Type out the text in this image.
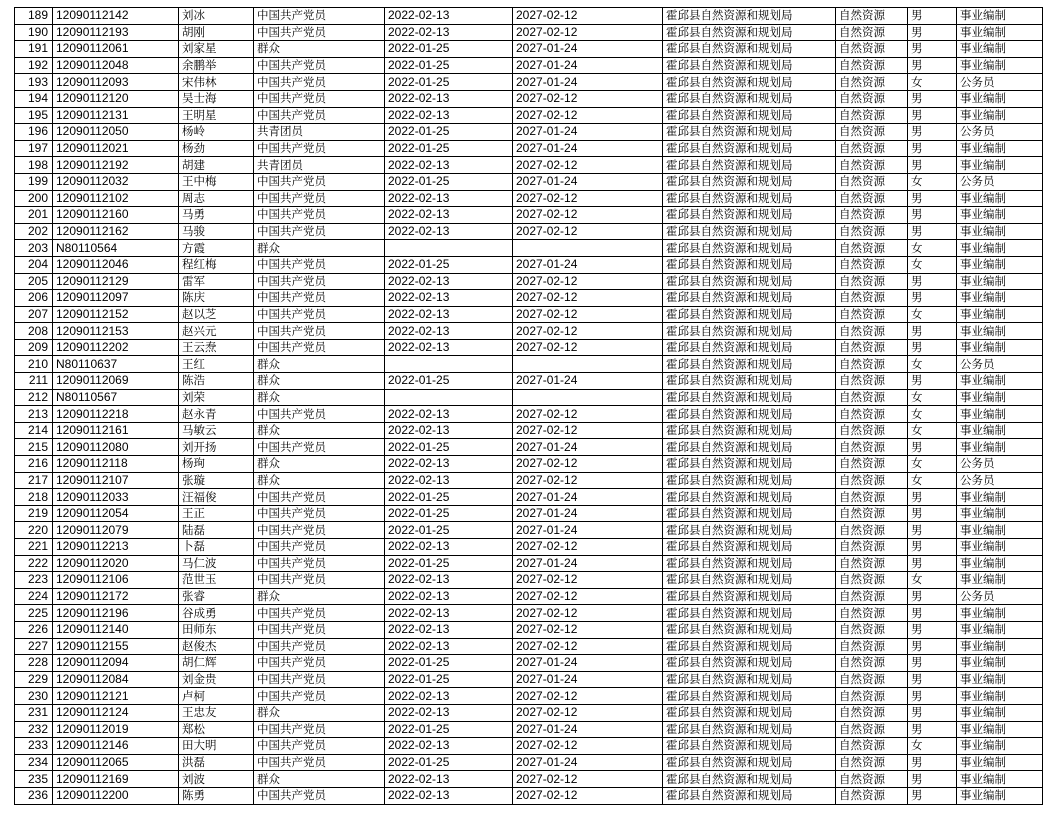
189	12090112142	刘冰	中国共产党员	2022-02-13	2027-02-12	霍邱县自然资源和规划局	自然资源	男	事业编制
190	12090112193	胡刚	中国共产党员	2022-02-13	2027-02-12	霍邱县自然资源和规划局	自然资源	男	事业编制
191	12090112061	刘家星	群众	2022-01-25	2027-01-24	霍邱县自然资源和规划局	自然资源	男	事业编制
192	12090112048	余鹏举	中国共产党员	2022-01-25	2027-01-24	霍邱县自然资源和规划局	自然资源	男	事业编制
193	12090112093	宋伟林	中国共产党员	2022-01-25	2027-01-24	霍邱县自然资源和规划局	自然资源	女	公务员
194	12090112120	吴士海	中国共产党员	2022-02-13	2027-02-12	霍邱县自然资源和规划局	自然资源	男	事业编制
195	12090112131	王明星	中国共产党员	2022-02-13	2027-02-12	霍邱县自然资源和规划局	自然资源	男	事业编制
196	12090112050	杨岭	共青团员	2022-01-25	2027-01-24	霍邱县自然资源和规划局	自然资源	男	公务员
197	12090112021	杨劲	中国共产党员	2022-01-25	2027-01-24	霍邱县自然资源和规划局	自然资源	男	事业编制
198	12090112192	胡建	共青团员	2022-02-13	2027-02-12	霍邱县自然资源和规划局	自然资源	男	事业编制
199	12090112032	王中梅	中国共产党员	2022-01-25	2027-01-24	霍邱县自然资源和规划局	自然资源	女	公务员
200	12090112102	周志	中国共产党员	2022-02-13	2027-02-12	霍邱县自然资源和规划局	自然资源	男	事业编制
201	12090112160	马勇	中国共产党员	2022-02-13	2027-02-12	霍邱县自然资源和规划局	自然资源	男	事业编制
202	12090112162	马骏	中国共产党员	2022-02-13	2027-02-12	霍邱县自然资源和规划局	自然资源	男	事业编制
203	N80110564	方霞	群众			霍邱县自然资源和规划局	自然资源	女	事业编制
204	12090112046	程红梅	中国共产党员	2022-01-25	2027-01-24	霍邱县自然资源和规划局	自然资源	女	事业编制
205	12090112129	雷军	中国共产党员	2022-02-13	2027-02-12	霍邱县自然资源和规划局	自然资源	男	事业编制
206	12090112097	陈庆	中国共产党员	2022-02-13	2027-02-12	霍邱县自然资源和规划局	自然资源	男	事业编制
207	12090112152	赵以芝	中国共产党员	2022-02-13	2027-02-12	霍邱县自然资源和规划局	自然资源	女	事业编制
208	12090112153	赵兴元	中国共产党员	2022-02-13	2027-02-12	霍邱县自然资源和规划局	自然资源	男	事业编制
209	12090112202	王云焘	中国共产党员	2022-02-13	2027-02-12	霍邱县自然资源和规划局	自然资源	男	事业编制
210	N80110637	王红	群众			霍邱县自然资源和规划局	自然资源	女	公务员
211	12090112069	陈浩	群众	2022-01-25	2027-01-24	霍邱县自然资源和规划局	自然资源	男	事业编制
212	N80110567	刘荣	群众			霍邱县自然资源和规划局	自然资源	女	事业编制
213	12090112218	赵永青	中国共产党员	2022-02-13	2027-02-12	霍邱县自然资源和规划局	自然资源	女	事业编制
214	12090112161	马敏云	群众	2022-02-13	2027-02-12	霍邱县自然资源和规划局	自然资源	女	事业编制
215	12090112080	刘开扬	中国共产党员	2022-01-25	2027-01-24	霍邱县自然资源和规划局	自然资源	男	事业编制
216	12090112118	杨珣	群众	2022-02-13	2027-02-12	霍邱县自然资源和规划局	自然资源	女	公务员
217	12090112107	张璇	群众	2022-02-13	2027-02-12	霍邱县自然资源和规划局	自然资源	女	公务员
218	12090112033	汪福俊	中国共产党员	2022-01-25	2027-01-24	霍邱县自然资源和规划局	自然资源	男	事业编制
219	12090112054	王正	中国共产党员	2022-01-25	2027-01-24	霍邱县自然资源和规划局	自然资源	男	事业编制
220	12090112079	陆磊	中国共产党员	2022-01-25	2027-01-24	霍邱县自然资源和规划局	自然资源	男	事业编制
221	12090112213	卜磊	中国共产党员	2022-02-13	2027-02-12	霍邱县自然资源和规划局	自然资源	男	事业编制
222	12090112020	马仁波	中国共产党员	2022-01-25	2027-01-24	霍邱县自然资源和规划局	自然资源	男	事业编制
223	12090112106	范世玉	中国共产党员	2022-02-13	2027-02-12	霍邱县自然资源和规划局	自然资源	女	事业编制
224	12090112172	张睿	群众	2022-02-13	2027-02-12	霍邱县自然资源和规划局	自然资源	男	公务员
225	12090112196	谷成勇	中国共产党员	2022-02-13	2027-02-12	霍邱县自然资源和规划局	自然资源	男	事业编制
226	12090112140	田师东	中国共产党员	2022-02-13	2027-02-12	霍邱县自然资源和规划局	自然资源	男	事业编制
227	12090112155	赵俊杰	中国共产党员	2022-02-13	2027-02-12	霍邱县自然资源和规划局	自然资源	男	事业编制
228	12090112094	胡仁辉	中国共产党员	2022-01-25	2027-01-24	霍邱县自然资源和规划局	自然资源	男	事业编制
229	12090112084	刘金贵	中国共产党员	2022-01-25	2027-01-24	霍邱县自然资源和规划局	自然资源	男	事业编制
230	12090112121	卢柯	中国共产党员	2022-02-13	2027-02-12	霍邱县自然资源和规划局	自然资源	男	事业编制
231	12090112124	王忠友	群众	2022-02-13	2027-02-12	霍邱县自然资源和规划局	自然资源	男	事业编制
232	12090112019	郑松	中国共产党员	2022-01-25	2027-01-24	霍邱县自然资源和规划局	自然资源	男	事业编制
233	12090112146	田大明	中国共产党员	2022-02-13	2027-02-12	霍邱县自然资源和规划局	自然资源	女	事业编制
234	12090112065	洪磊	中国共产党员	2022-01-25	2027-01-24	霍邱县自然资源和规划局	自然资源	男	事业编制
235	12090112169	刘波	群众	2022-02-13	2027-02-12	霍邱县自然资源和规划局	自然资源	男	事业编制
236	12090112200	陈勇	中国共产党员	2022-02-13	2027-02-12	霍邱县自然资源和规划局	自然资源	男	事业编制
